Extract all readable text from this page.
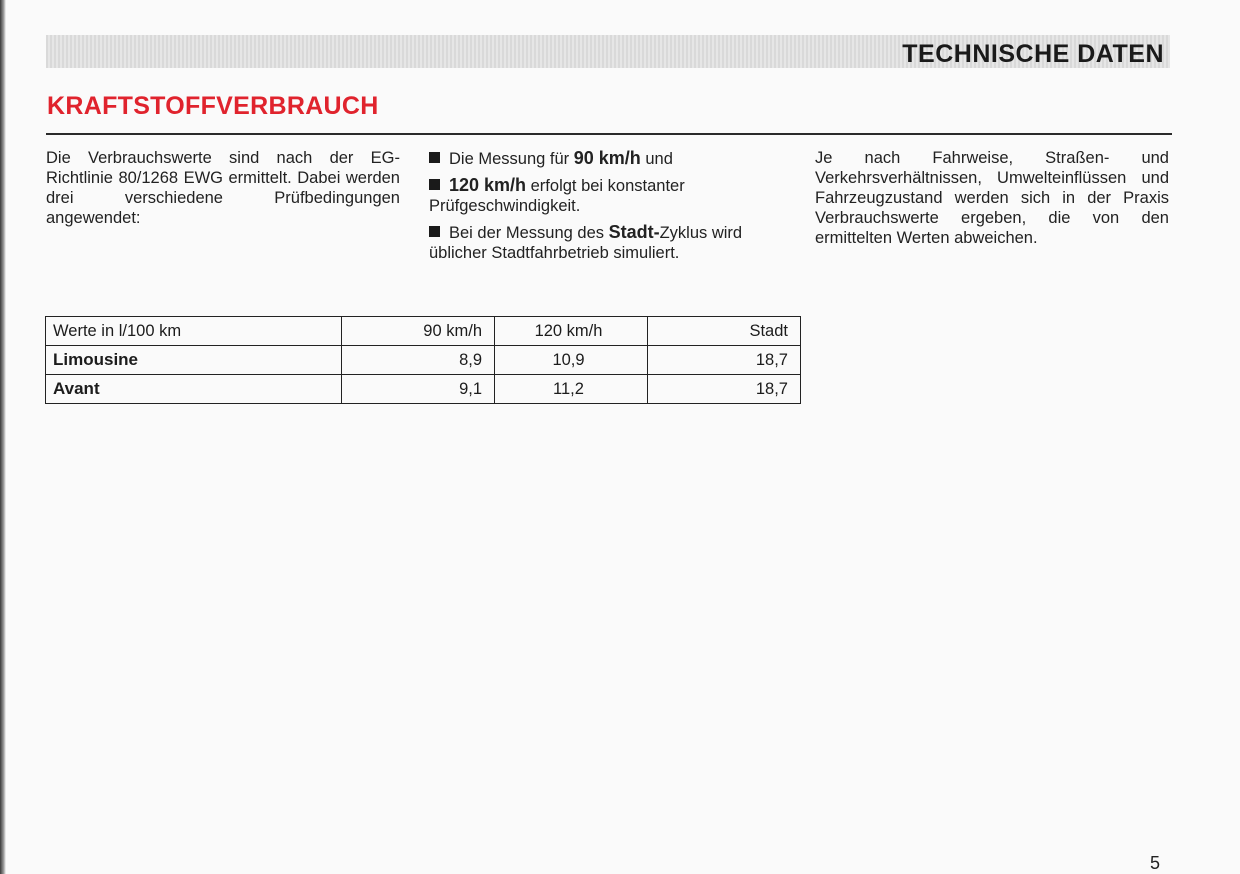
TECHNISCHE DATEN
KRAFTSTOFFVERBRAUCH

Die Verbrauchswerte sind nach der EG-Richtlinie 80/1268 EWG ermittelt. Dabei werden drei verschiedene Prüfbedingungen angewendet:

Die Messung für 90 km/h und

120 km/h erfolgt bei konstanter Prüfgeschwindigkeit.

Bei der Messung des Stadt-Zyklus wird üblicher Stadtfahrbetrieb simuliert.

Je nach Fahrweise, Straßen- und Verkehrsverhältnissen, Umwelteinflüssen und Fahrzeugzustand werden sich in der Praxis Verbrauchswerte ergeben, die von den ermittelten Werten abweichen.

Werte in l/100 km	90 km/h	120 km/h	Stadt
Limousine	8,9	10,9	18,7
Avant	9,1	11,2	18,7
5
